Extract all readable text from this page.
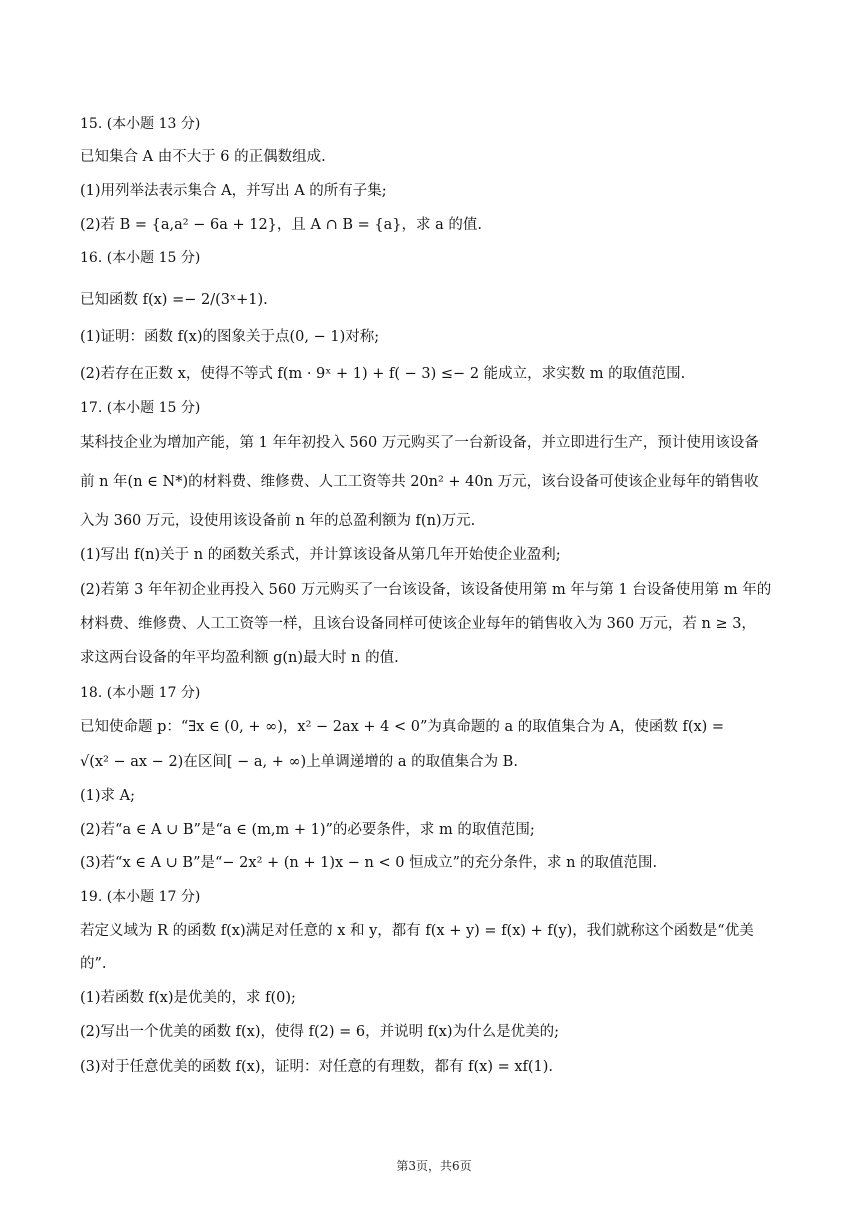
15. (本小题 13 分)
已知集合 A 由不大于 6 的正偶数组成.
(1)用列举法表示集合 A，并写出 A 的所有子集;
(2)若 B = {a,a² − 6a + 12}，且 A ∩ B = {a}，求 a 的值.
16. (本小题 15 分)
已知函数 f(x) =− 2/(3ˣ+1).
(1)证明：函数 f(x)的图象关于点(0, − 1)对称;
(2)若存在正数 x，使得不等式 f(m · 9ˣ + 1) + f( − 3) ≤− 2 能成立，求实数 m 的取值范围.
17. (本小题 15 分)
某科技企业为增加产能，第 1 年年初投入 560 万元购买了一台新设备，并立即进行生产，预计使用该设备
前 n 年(n ∈ N*)的材料费、维修费、人工工资等共 20n² + 40n 万元，该台设备可使该企业每年的销售收
入为 360 万元，设使用该设备前 n 年的总盈利额为 f(n)万元.
(1)写出 f(n)关于 n 的函数关系式，并计算该设备从第几年开始使企业盈利;
(2)若第 3 年年初企业再投入 560 万元购买了一台该设备，该设备使用第 m 年与第 1 台设备使用第 m 年的
材料费、维修费、人工工资等一样，且该台设备同样可使该企业每年的销售收入为 360 万元，若 n ≥ 3，
求这两台设备的年平均盈利额 g(n)最大时 n 的值.
18. (本小题 17 分)
已知使命题 p：“∃x ∈ (0, + ∞)，x² − 2ax + 4 < 0”为真命题的 a 的取值集合为 A，使函数 f(x) =
√(x² − ax − 2)在区间[ − a, + ∞)上单调递增的 a 的取值集合为 B.
(1)求 A;
(2)若“a ∈ A ∪ B”是“a ∈ (m,m + 1)”的必要条件，求 m 的取值范围;
(3)若“x ∈ A ∪ B”是“− 2x² + (n + 1)x − n < 0 恒成立”的充分条件，求 n 的取值范围.
19. (本小题 17 分)
若定义域为 R 的函数 f(x)满足对任意的 x 和 y，都有 f(x + y) = f(x) + f(y)，我们就称这个函数是“优美
的”.
(1)若函数 f(x)是优美的，求 f(0);
(2)写出一个优美的函数 f(x)，使得 f(2) = 6，并说明 f(x)为什么是优美的;
(3)对于任意优美的函数 f(x)，证明：对任意的有理数，都有 f(x) = xf(1).
第3页，共6页
